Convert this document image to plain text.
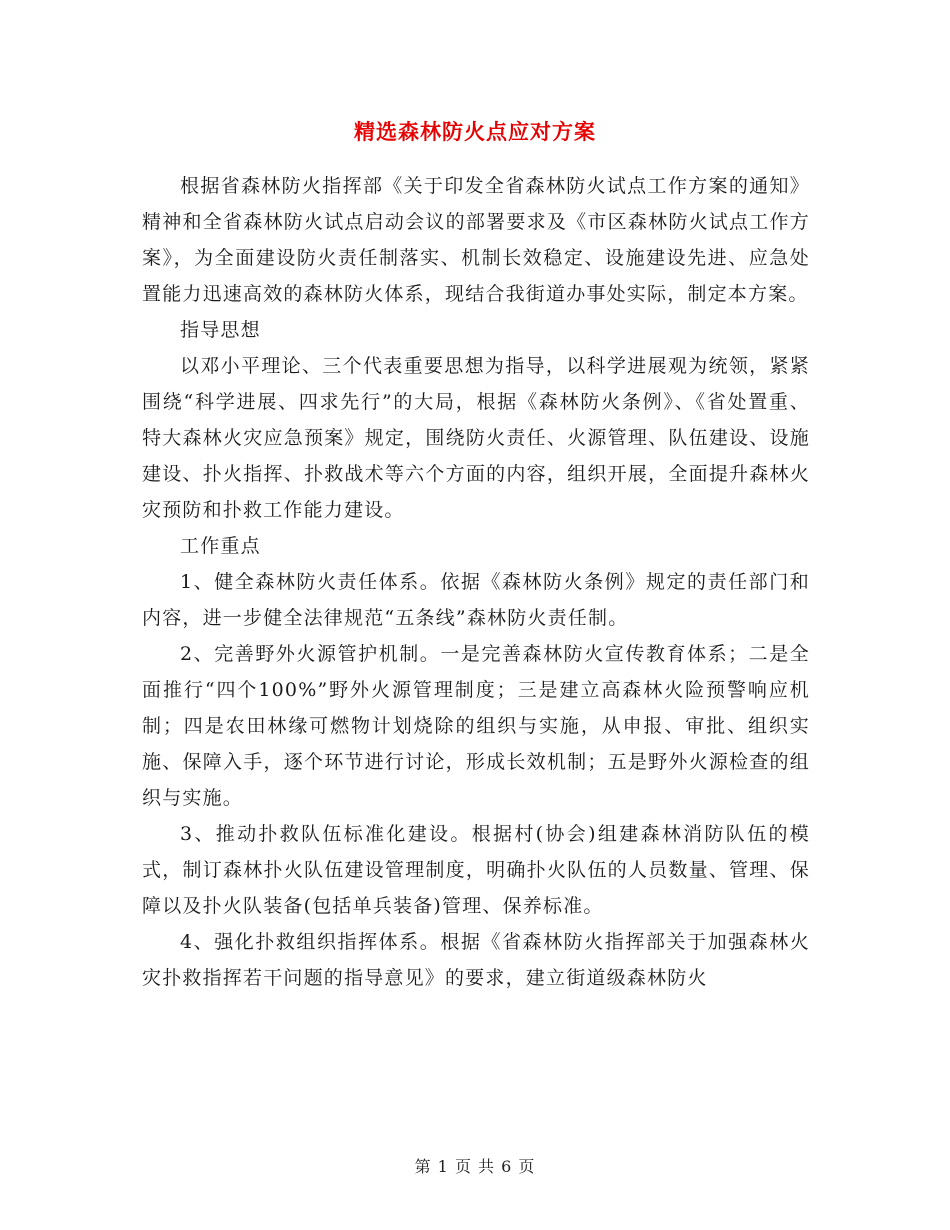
精选森林防火点应对方案

根据省森林防火指挥部《关于印发全省森林防火试点工作方案的通知》精神和全省森林防火试点启动会议的部署要求及《市区森林防火试点工作方案》，为全面建设防火责任制落实、机制长效稳定、设施建设先进、应急处置能力迅速高效的森林防火体系，现结合我街道办事处实际，制定本方案。

指导思想

以邓小平理论、三个代表重要思想为指导，以科学进展观为统领，紧紧围绕“科学进展、四求先行”的大局，根据《森林防火条例》、《省处置重、特大森林火灾应急预案》规定，围绕防火责任、火源管理、队伍建设、设施建设、扑火指挥、扑救战术等六个方面的内容，组织开展，全面提升森林火灾预防和扑救工作能力建设。

工作重点

1、健全森林防火责任体系。依据《森林防火条例》规定的责任部门和内容，进一步健全法律规范“五条线”森林防火责任制。

2、完善野外火源管护机制。一是完善森林防火宣传教育体系；二是全面推行“四个100%”野外火源管理制度；三是建立高森林火险预警响应机制；四是农田林缘可燃物计划烧除的组织与实施，从申报、审批、组织实施、保障入手，逐个环节进行讨论，形成长效机制；五是野外火源检查的组织与实施。

3、推动扑救队伍标准化建设。根据村(协会)组建森林消防队伍的模式，制订森林扑火队伍建设管理制度，明确扑火队伍的人员数量、管理、保障以及扑火队装备(包括单兵装备)管理、保养标准。

4、强化扑救组织指挥体系。根据《省森林防火指挥部关于加强森林火灾扑救指挥若干问题的指导意见》的要求，建立街道级森林防火

第 1 页 共 6 页
